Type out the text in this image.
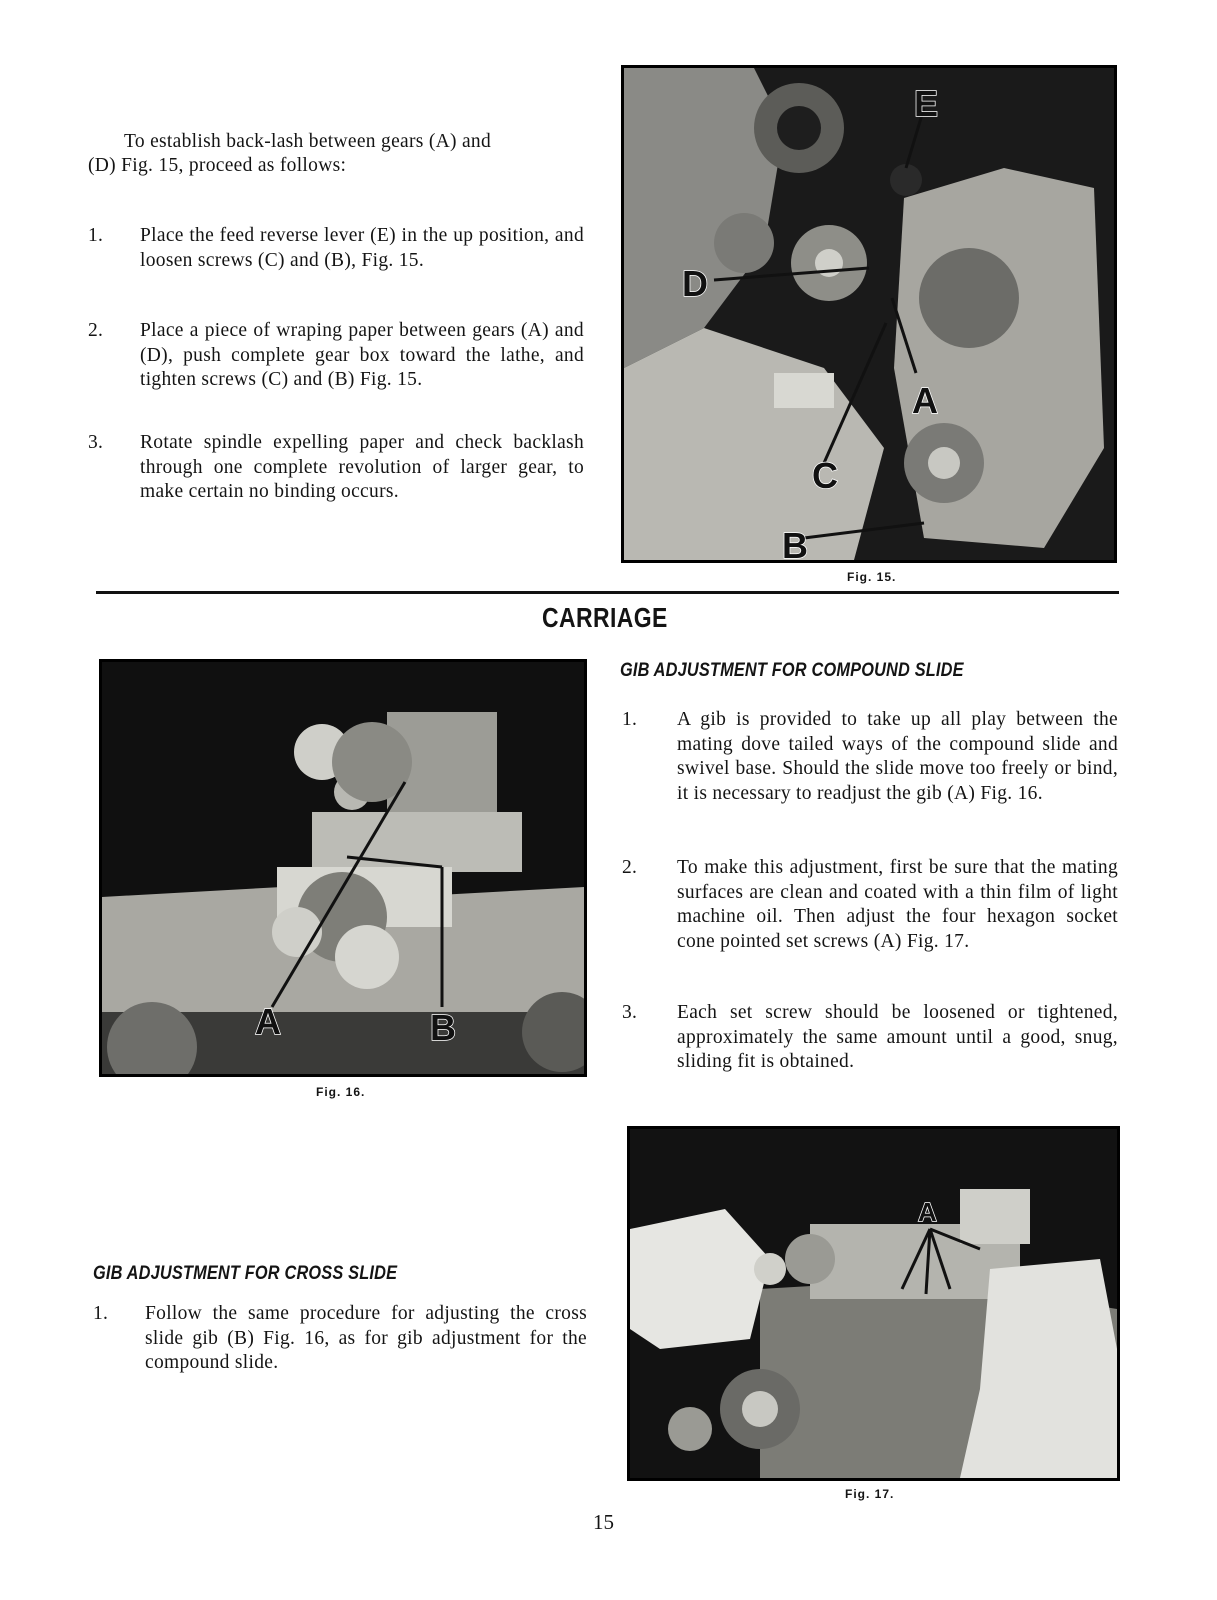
To establish back-lash between gears (A) and
(D) Fig. 15, proceed as follows:
1.	Place the feed reverse lever (E) in the up position, and loosen screws (C) and (B), Fig. 15.
2.	Place a piece of wraping paper between gears (A) and (D), push complete gear box toward the lathe, and tighten screws (C) and (B) Fig. 15.
3.	Rotate spindle expelling paper and check backlash through one complete revolution of larger gear, to make certain no binding occurs.
E
D
A
C
B
Fig. 15.
CARRIAGE
A	B
Fig. 16.
GIB ADJUSTMENT FOR COMPOUND SLIDE
1.	A gib is provided to take up all play between the mating dove tailed ways of the compound slide and swivel base. Should the slide move too freely or bind, it is necessary to readjust the gib (A) Fig. 16.
2.	To make this adjustment, first be sure that the mating surfaces are clean and coated with a thin film of light machine oil. Then adjust the four hexagon socket cone pointed set screws (A) Fig. 17.
3.	Each set screw should be loosened or tightened, approximately the same amount until a good, snug, sliding fit is obtained.
GIB ADJUSTMENT FOR CROSS SLIDE
1.	Follow the same procedure for adjusting the cross slide gib (B) Fig. 16, as for gib adjustment for the compound slide.
A
Fig. 17.
15
